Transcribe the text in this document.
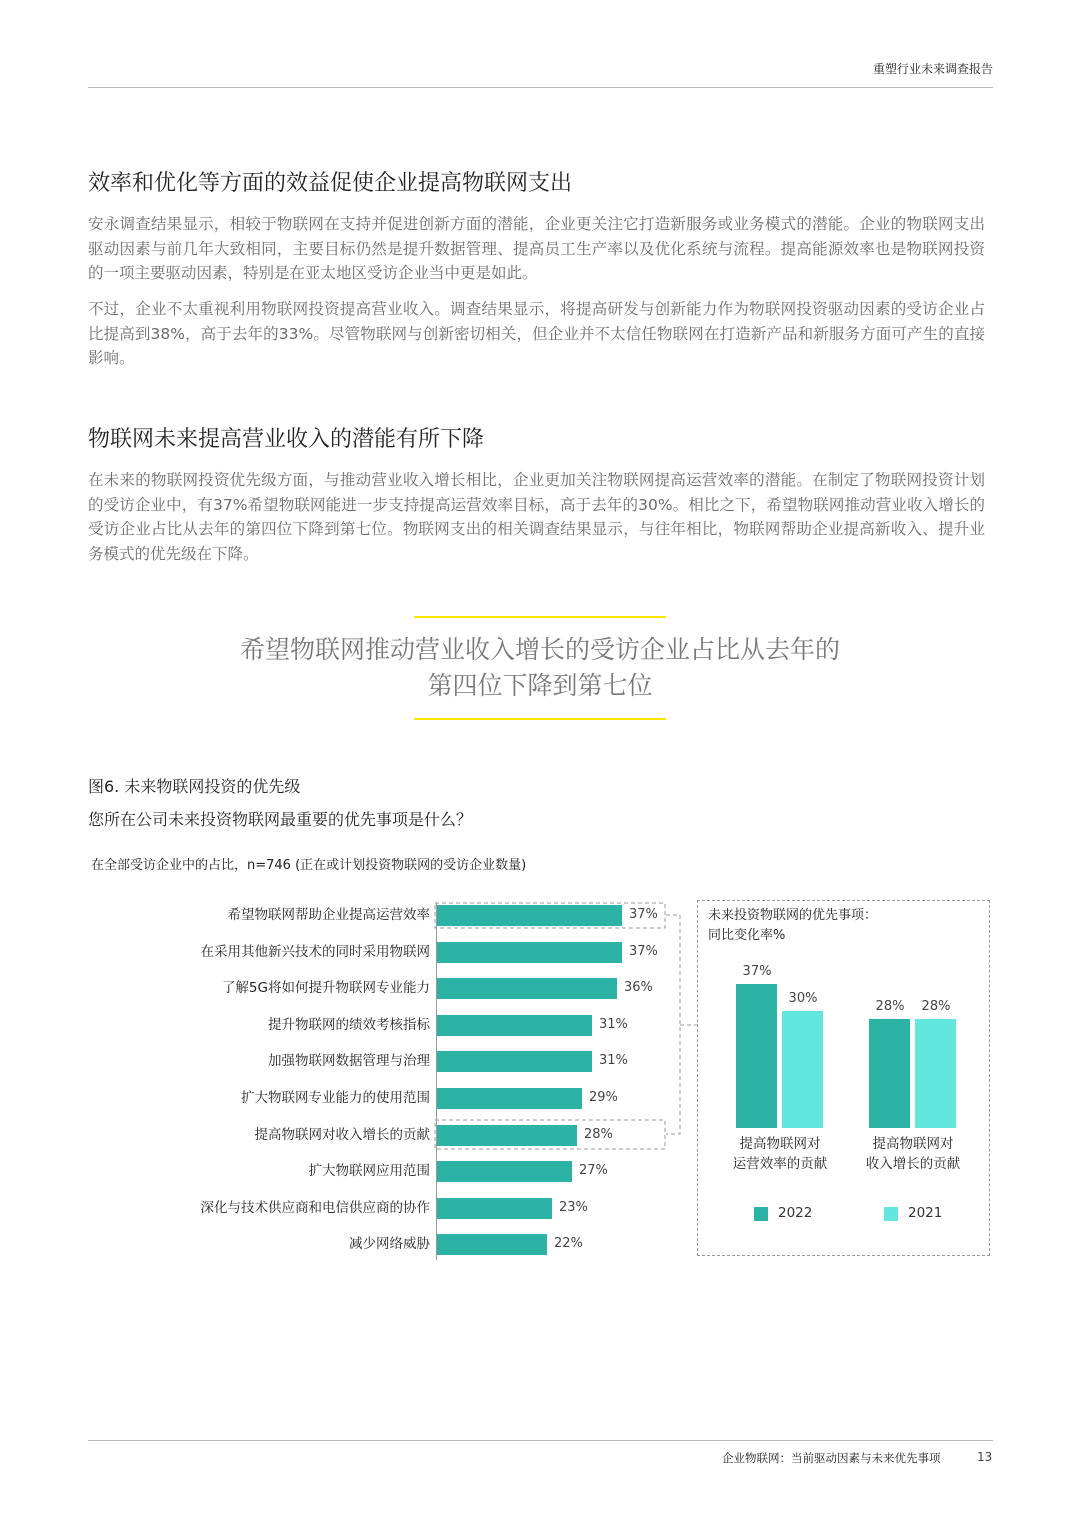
重塑行业未来调查报告
效率和优化等方面的效益促使企业提高物联网支出

安永调查结果显示，相较于物联网在支持并促进创新方面的潜能，企业更关注它打造新服务或业务模式的潜能。企业的物联网支出驱动因素与前几年大致相同，主要目标仍然是提升数据管理、提高员工生产率以及优化系统与流程。提高能源效率也是物联网投资的一项主要驱动因素，特别是在亚太地区受访企业当中更是如此。

不过，企业不太重视利用物联网投资提高营业收入。调查结果显示，将提高研发与创新能力作为物联网投资驱动因素的受访企业占比提高到38%，高于去年的33%。尽管物联网与创新密切相关，但企业并不太信任物联网在打造新产品和新服务方面可产生的直接影响。

物联网未来提高营业收入的潜能有所下降

在未来的物联网投资优先级方面，与推动营业收入增长相比，企业更加关注物联网提高运营效率的潜能。在制定了物联网投资计划的受访企业中，有37%希望物联网能进一步支持提高运营效率目标，高于去年的30%。相比之下，希望物联网推动营业收入增长的受访企业占比从去年的第四位下降到第七位。物联网支出的相关调查结果显示，与往年相比，物联网帮助企业提高新收入、提升业务模式的优先级在下降。

希望物联网推动营业收入增长的受访企业占比从去年的
第四位下降到第七位
图6. 未来物联网投资的优先级
您所在公司未来投资物联网最重要的优先事项是什么？
在全部受访企业中的占比，n=746 (正在或计划投资物联网的受访企业数量)
未来投资物联网的优先事项：
同比变化率%
企业物联网：当前驱动因素与未来优先事项	13
希望物联网帮助企业提高运营效率	37%
在采用其他新兴技术的同时采用物联网	37%
了解5G将如何提升物联网专业能力	36%
提升物联网的绩效考核指标	31%
加强物联网数据管理与治理	31%
扩大物联网专业能力的使用范围	29%
提高物联网对收入增长的贡献	28%
扩大物联网应用范围	27%
深化与技术供应商和电信供应商的协作	23%
减少网络威胁	22%
37%
30%
提高物联网对
运营效率的贡献
28%	28%
提高物联网对
收入增长的贡献
2022	2021
